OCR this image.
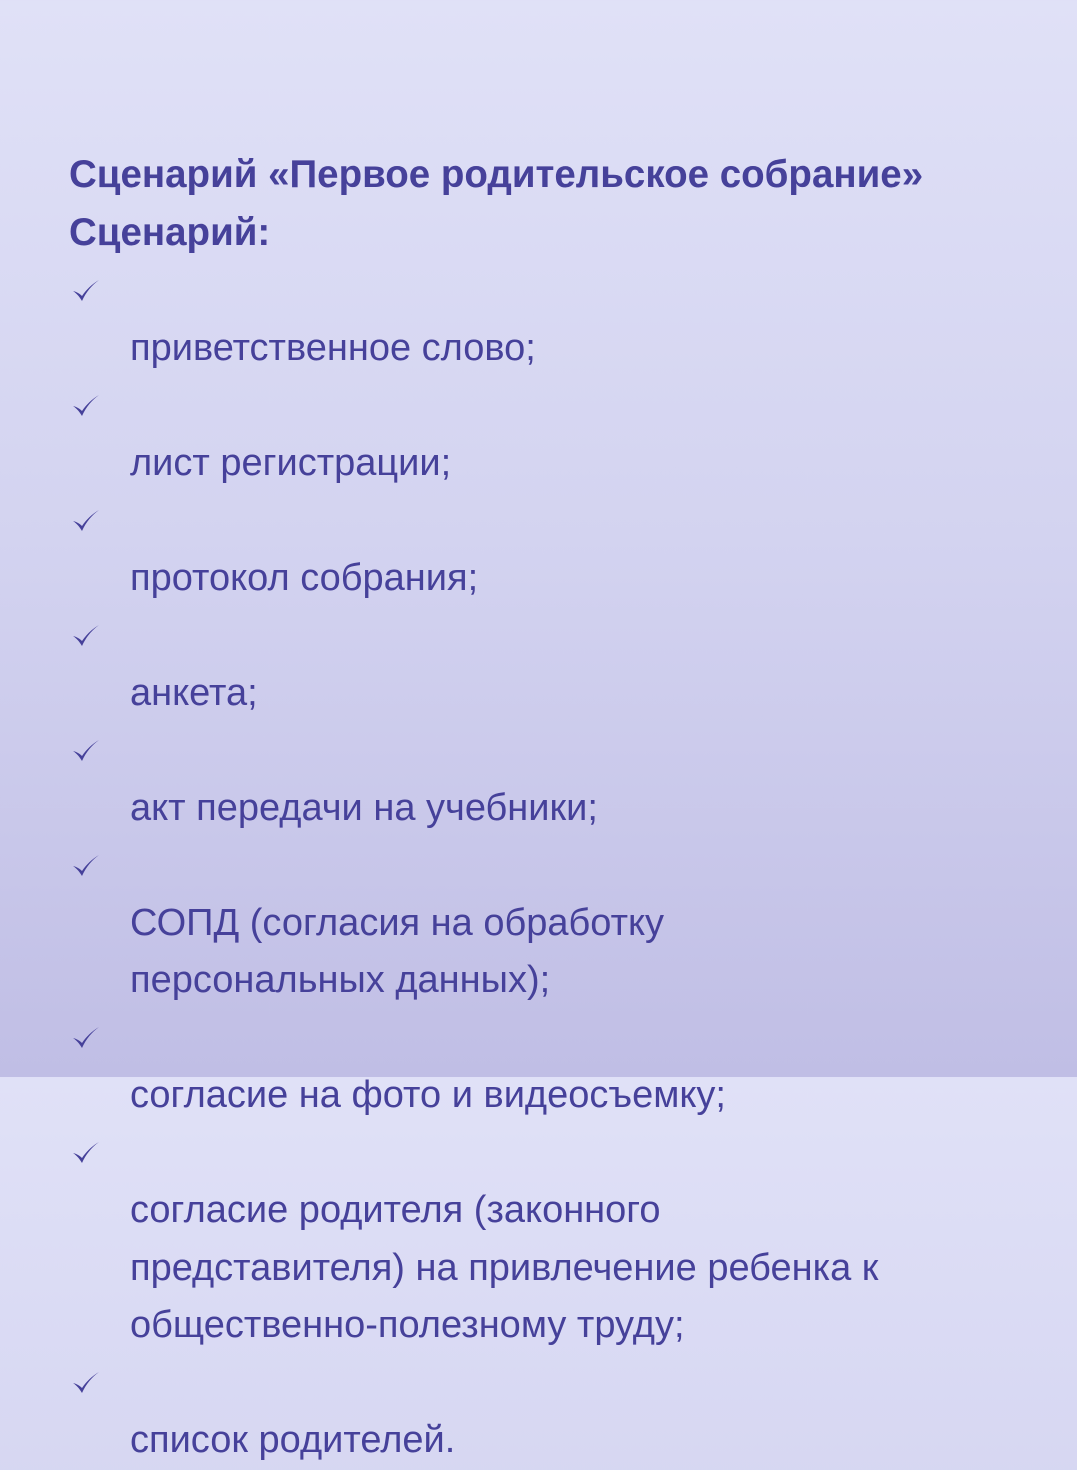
Сценарий «Первое родительское собрание»
Сценарий:

приветственное слово;

лист регистрации;

протокол собрания;

анкета;

акт передачи на учебники;

СОПД (согласия на обработку
персональных данных);

согласие на фото и видеосъемку;

согласие родителя (законного
представителя) на привлечение ребенка к
общественно-полезному труду;

список родителей.
